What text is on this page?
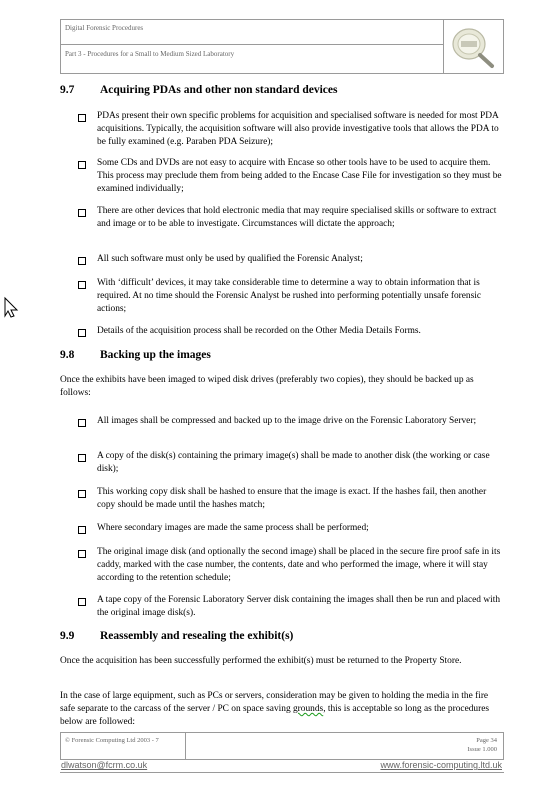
Digital Forensic Procedures
Part 3 - Procedures for a Small to Medium Sized Laboratory
9.7 Acquiring PDAs and other non standard devices
PDAs present their own specific problems for acquisition and specialised software is needed for most PDA acquisitions. Typically, the acquisition software will also provide investigative tools that allows the PDA to be fully examined (e.g. Paraben PDA Seizure);
Some CDs and DVDs are not easy to acquire with Encase so other tools have to be used to acquire them. This process may preclude them from being added to the Encase Case File for investigation so they must be examined individually;
There are other devices that hold electronic media that may require specialised skills or software to extract and image or to be able to investigate. Circumstances will dictate the approach;
All such software must only be used by qualified the Forensic Analyst;
With ‘difficult’ devices, it may take considerable time to determine a way to obtain information that is required. At no time should the Forensic Analyst be rushed into performing potentially unsafe forensic actions;
Details of the acquisition process shall be recorded on the Other Media Details Forms.
9.8 Backing up the images
Once the exhibits have been imaged to wiped disk drives (preferably two copies), they should be backed up as follows:
All images shall be compressed and backed up to the image drive on the Forensic Laboratory Server;
A copy of the disk(s) containing the primary image(s) shall be made to another disk (the working or case disk);
This working copy disk shall be hashed to ensure that the image is exact. If the hashes fail, then another copy should be made until the hashes match;
Where secondary images are made the same process shall be performed;
The original image disk (and optionally the second image) shall be placed in the secure fire proof safe in its caddy, marked with the case number, the contents, date and who performed the image, where it will stay according to the retention schedule;
A tape copy of the Forensic Laboratory Server disk containing the images shall then be run and placed with the original image disk(s).
9.9 Reassembly and resealing the exhibit(s)
Once the acquisition has been successfully performed the exhibit(s) must be returned to the Property Store.
In the case of large equipment, such as PCs or servers, consideration may be given to holding the media in the fire safe separate to the carcass of the server / PC on space saving grounds, this is acceptable so long as the procedures below are followed:
© Forensic Computing Ltd 2003 - 7	Page 34
Issue 1.000
dlwatson@fcrm.co.uk	www.forensic-computing.ltd.uk
